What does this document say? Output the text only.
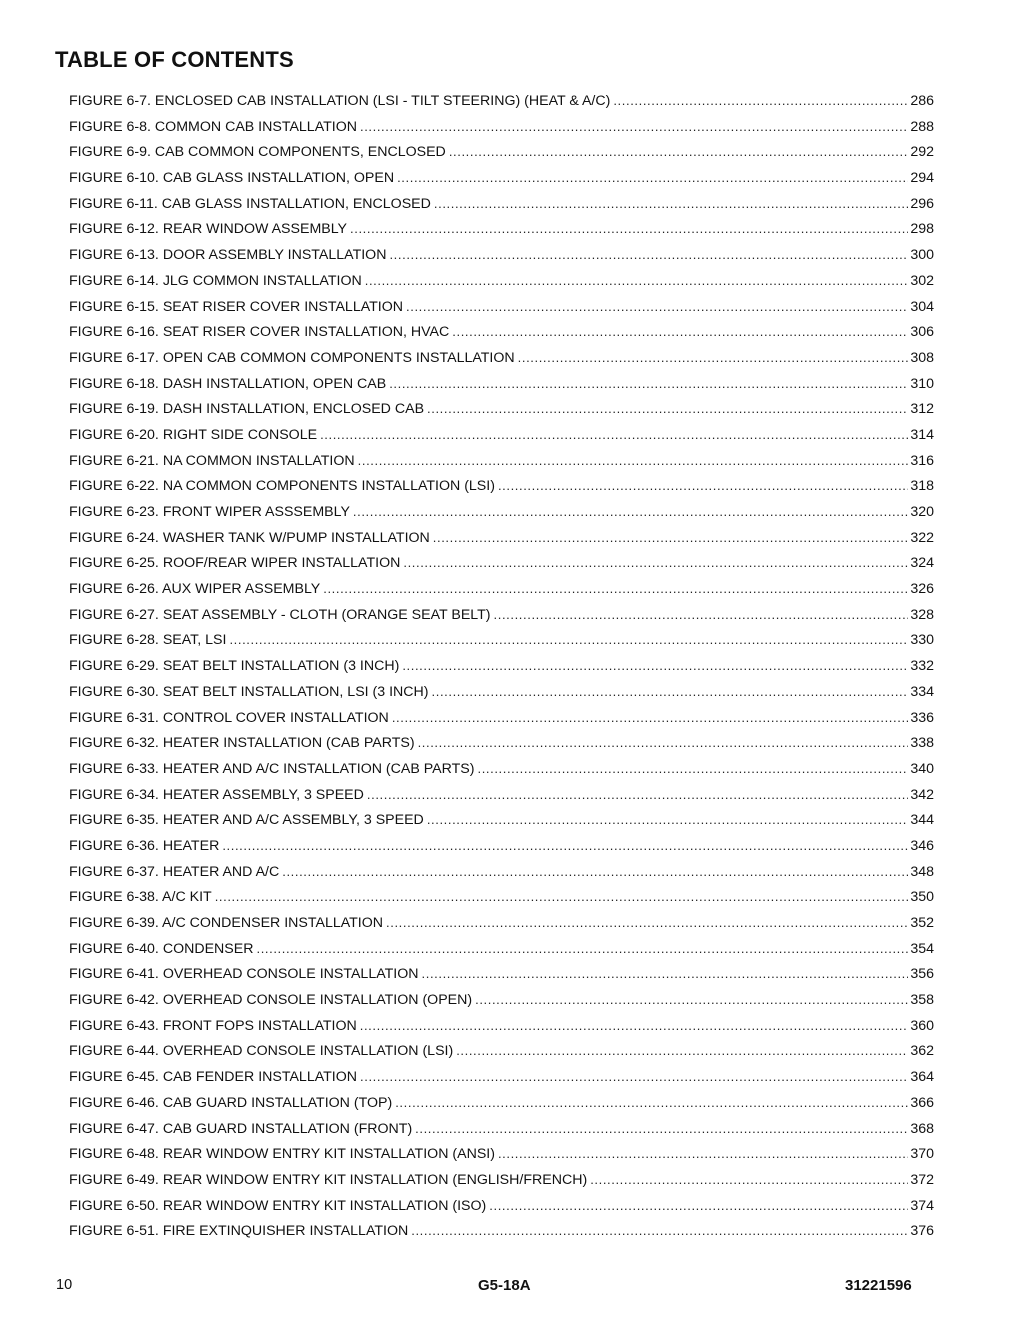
TABLE OF CONTENTS
FIGURE 6-7. ENCLOSED CAB INSTALLATION (LSI - TILT STEERING) (HEAT & A/C) .....	286
FIGURE 6-8. COMMON CAB INSTALLATION .....	288
FIGURE 6-9. CAB COMMON COMPONENTS, ENCLOSED .....	292
FIGURE 6-10. CAB GLASS INSTALLATION, OPEN .....	294
FIGURE 6-11. CAB GLASS INSTALLATION, ENCLOSED .....	296
FIGURE 6-12. REAR WINDOW ASSEMBLY .....	298
FIGURE 6-13. DOOR ASSEMBLY INSTALLATION .....	300
FIGURE 6-14. JLG COMMON INSTALLATION .....	302
FIGURE 6-15. SEAT RISER COVER INSTALLATION .....	304
FIGURE 6-16. SEAT RISER COVER INSTALLATION, HVAC .....	306
FIGURE 6-17. OPEN CAB COMMON COMPONENTS INSTALLATION .....	308
FIGURE 6-18. DASH INSTALLATION, OPEN CAB .....	310
FIGURE 6-19. DASH INSTALLATION, ENCLOSED CAB .....	312
FIGURE 6-20. RIGHT SIDE CONSOLE .....	314
FIGURE 6-21. NA COMMON INSTALLATION .....	316
FIGURE 6-22. NA COMMON COMPONENTS INSTALLATION (LSI) .....	318
FIGURE 6-23. FRONT WIPER ASSSEMBLY .....	320
FIGURE 6-24. WASHER TANK W/PUMP INSTALLATION .....	322
FIGURE 6-25. ROOF/REAR WIPER INSTALLATION .....	324
FIGURE 6-26. AUX WIPER ASSEMBLY .....	326
FIGURE 6-27. SEAT ASSEMBLY - CLOTH (ORANGE SEAT BELT) .....	328
FIGURE 6-28. SEAT, LSI .....	330
FIGURE 6-29. SEAT BELT INSTALLATION (3 INCH) .....	332
FIGURE 6-30. SEAT BELT INSTALLATION, LSI (3 INCH) .....	334
FIGURE 6-31. CONTROL COVER INSTALLATION .....	336
FIGURE 6-32. HEATER INSTALLATION (CAB PARTS) .....	338
FIGURE 6-33. HEATER AND A/C INSTALLATION (CAB PARTS) .....	340
FIGURE 6-34. HEATER ASSEMBLY, 3 SPEED .....	342
FIGURE 6-35. HEATER AND A/C ASSEMBLY, 3 SPEED .....	344
FIGURE 6-36. HEATER .....	346
FIGURE 6-37. HEATER AND A/C .....	348
FIGURE 6-38. A/C KIT .....	350
FIGURE 6-39. A/C CONDENSER INSTALLATION .....	352
FIGURE 6-40. CONDENSER .....	354
FIGURE 6-41. OVERHEAD CONSOLE INSTALLATION .....	356
FIGURE 6-42. OVERHEAD CONSOLE INSTALLATION (OPEN) .....	358
FIGURE 6-43. FRONT FOPS INSTALLATION .....	360
FIGURE 6-44. OVERHEAD CONSOLE INSTALLATION (LSI) .....	362
FIGURE 6-45. CAB FENDER INSTALLATION .....	364
FIGURE 6-46. CAB GUARD INSTALLATION (TOP) .....	366
FIGURE 6-47. CAB GUARD INSTALLATION (FRONT) .....	368
FIGURE 6-48. REAR WINDOW ENTRY KIT INSTALLATION (ANSI) .....	370
FIGURE 6-49. REAR WINDOW ENTRY KIT INSTALLATION (ENGLISH/FRENCH) .....	372
FIGURE 6-50. REAR WINDOW ENTRY KIT INSTALLATION (ISO) .....	374
FIGURE 6-51. FIRE EXTINQUISHER INSTALLATION .....	376
10	G5-18A	31221596
